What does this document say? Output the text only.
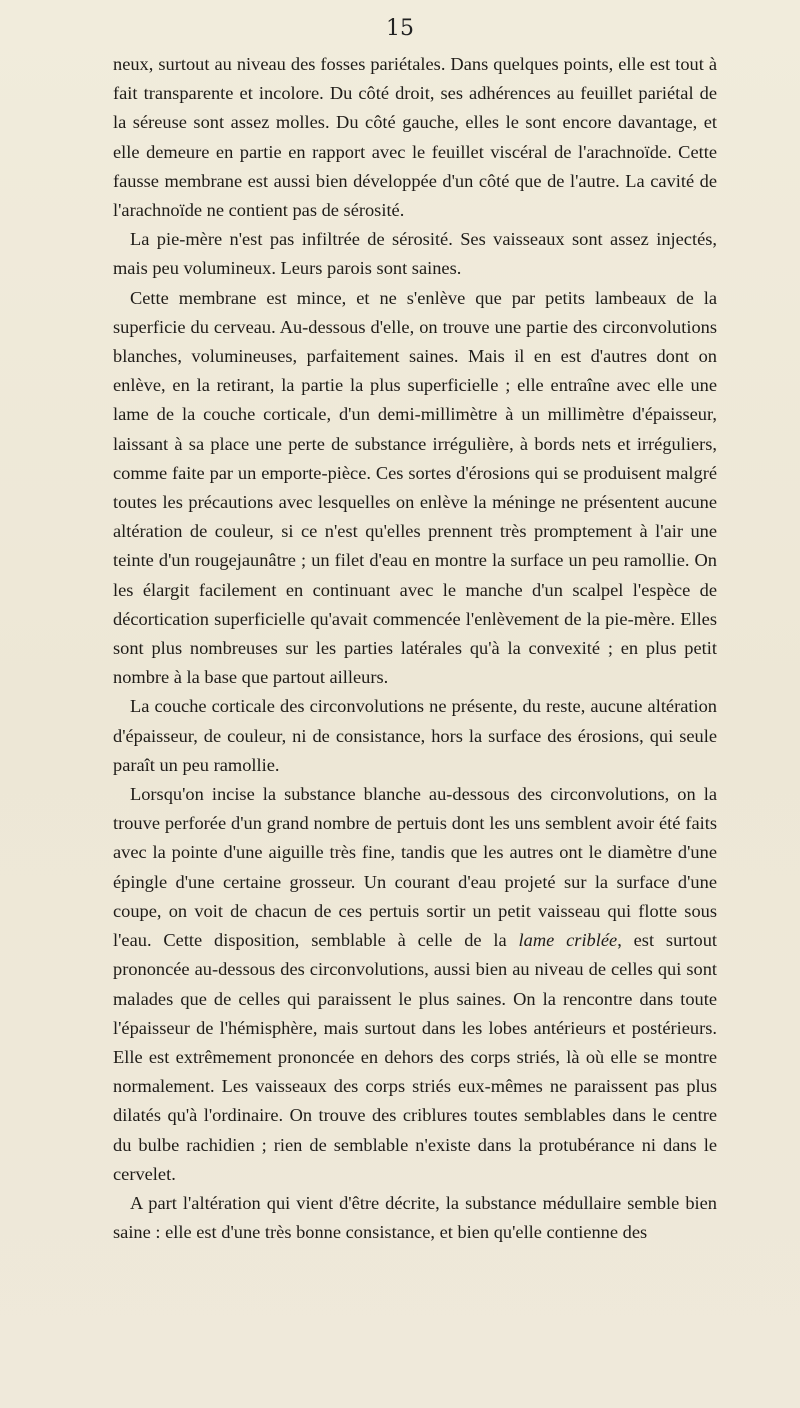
15

neux, surtout au niveau des fosses pariétales. Dans quelques points, elle est tout à fait transparente et incolore. Du côté droit, ses adhérences au feuillet pariétal de la séreuse sont assez molles. Du côté gauche, elles le sont encore davantage, et elle demeure en partie en rapport avec le feuillet viscéral de l'arachnoïde. Cette fausse membrane est aussi bien développée d'un côté que de l'autre. La cavité de l'arachnoïde ne contient pas de sérosité.

La pie-mère n'est pas infiltrée de sérosité. Ses vaisseaux sont assez injectés, mais peu volumineux. Leurs parois sont saines.

Cette membrane est mince, et ne s'enlève que par petits lambeaux de la superficie du cerveau. Au-dessous d'elle, on trouve une partie des circonvolutions blanches, volumineuses, parfaitement saines. Mais il en est d'autres dont on enlève, en la retirant, la partie la plus superficielle ; elle entraîne avec elle une lame de la couche corticale, d'un demi-millimètre à un millimètre d'épaisseur, laissant à sa place une perte de substance irrégulière, à bords nets et irréguliers, comme faite par un emporte-pièce. Ces sortes d'érosions qui se produisent malgré toutes les précautions avec lesquelles on enlève la méninge ne présentent aucune altération de couleur, si ce n'est qu'elles prennent très promptement à l'air une teinte d'un rougejaunâtre ; un filet d'eau en montre la surface un peu ramollie. On les élargit facilement en continuant avec le manche d'un scalpel l'espèce de décortication superficielle qu'avait commencée l'enlèvement de la pie-mère. Elles sont plus nombreuses sur les parties latérales qu'à la convexité ; en plus petit nombre à la base que partout ailleurs.

La couche corticale des circonvolutions ne présente, du reste, aucune altération d'épaisseur, de couleur, ni de consistance, hors la surface des érosions, qui seule paraît un peu ramollie.

Lorsqu'on incise la substance blanche au-dessous des circonvolutions, on la trouve perforée d'un grand nombre de pertuis dont les uns semblent avoir été faits avec la pointe d'une aiguille très fine, tandis que les autres ont le diamètre d'une épingle d'une certaine grosseur. Un courant d'eau projeté sur la surface d'une coupe, on voit de chacun de ces pertuis sortir un petit vaisseau qui flotte sous l'eau. Cette disposition, semblable à celle de la lame criblée, est surtout prononcée au-dessous des circonvolutions, aussi bien au niveau de celles qui sont malades que de celles qui paraissent le plus saines. On la rencontre dans toute l'épaisseur de l'hémisphère, mais surtout dans les lobes antérieurs et postérieurs. Elle est extrêmement prononcée en dehors des corps striés, là où elle se montre normalement. Les vaisseaux des corps striés eux-mêmes ne paraissent pas plus dilatés qu'à l'ordinaire. On trouve des criblures toutes semblables dans le centre du bulbe rachidien ; rien de semblable n'existe dans la protubérance ni dans le cervelet.

A part l'altération qui vient d'être décrite, la substance médullaire semble bien saine : elle est d'une très bonne consistance, et bien qu'elle contienne des
